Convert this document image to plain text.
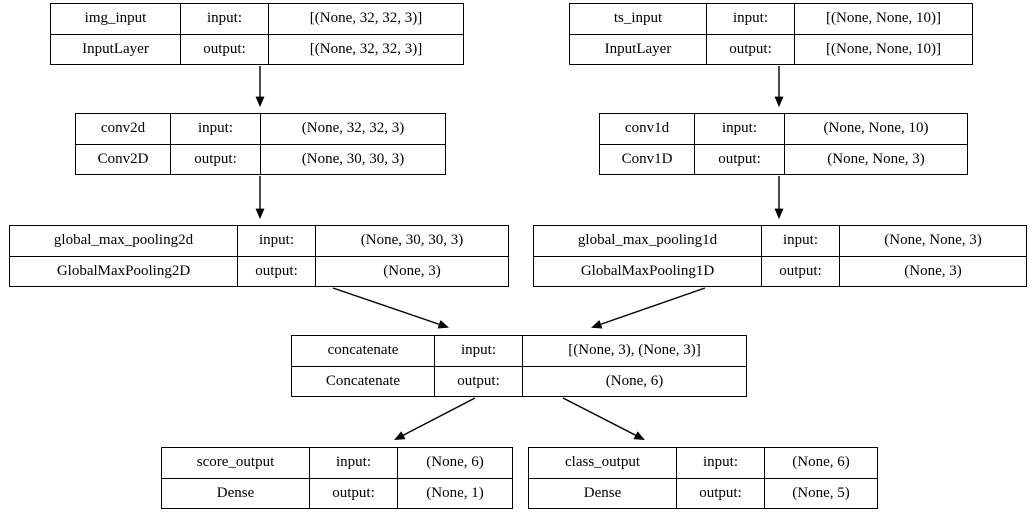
img_input	input:	[(None, 32, 32, 3)]
InputLayer	output:	[(None, 32, 32, 3)]
ts_input	input:	[(None, None, 10)]
InputLayer	output:	[(None, None, 10)]
conv2d	input:	(None, 32, 32, 3)
Conv2D	output:	(None, 30, 30, 3)
conv1d	input:	(None, None, 10)
Conv1D	output:	(None, None, 3)
global_max_pooling2d	input:	(None, 30, 30, 3)
GlobalMaxPooling2D	output:	(None, 3)
global_max_pooling1d	input:	(None, None, 3)
GlobalMaxPooling1D	output:	(None, 3)
concatenate	input:	[(None, 3), (None, 3)]
Concatenate	output:	(None, 6)
score_output	input:	(None, 6)
Dense	output:	(None, 1)
class_output	input:	(None, 6)
Dense	output:	(None, 5)
